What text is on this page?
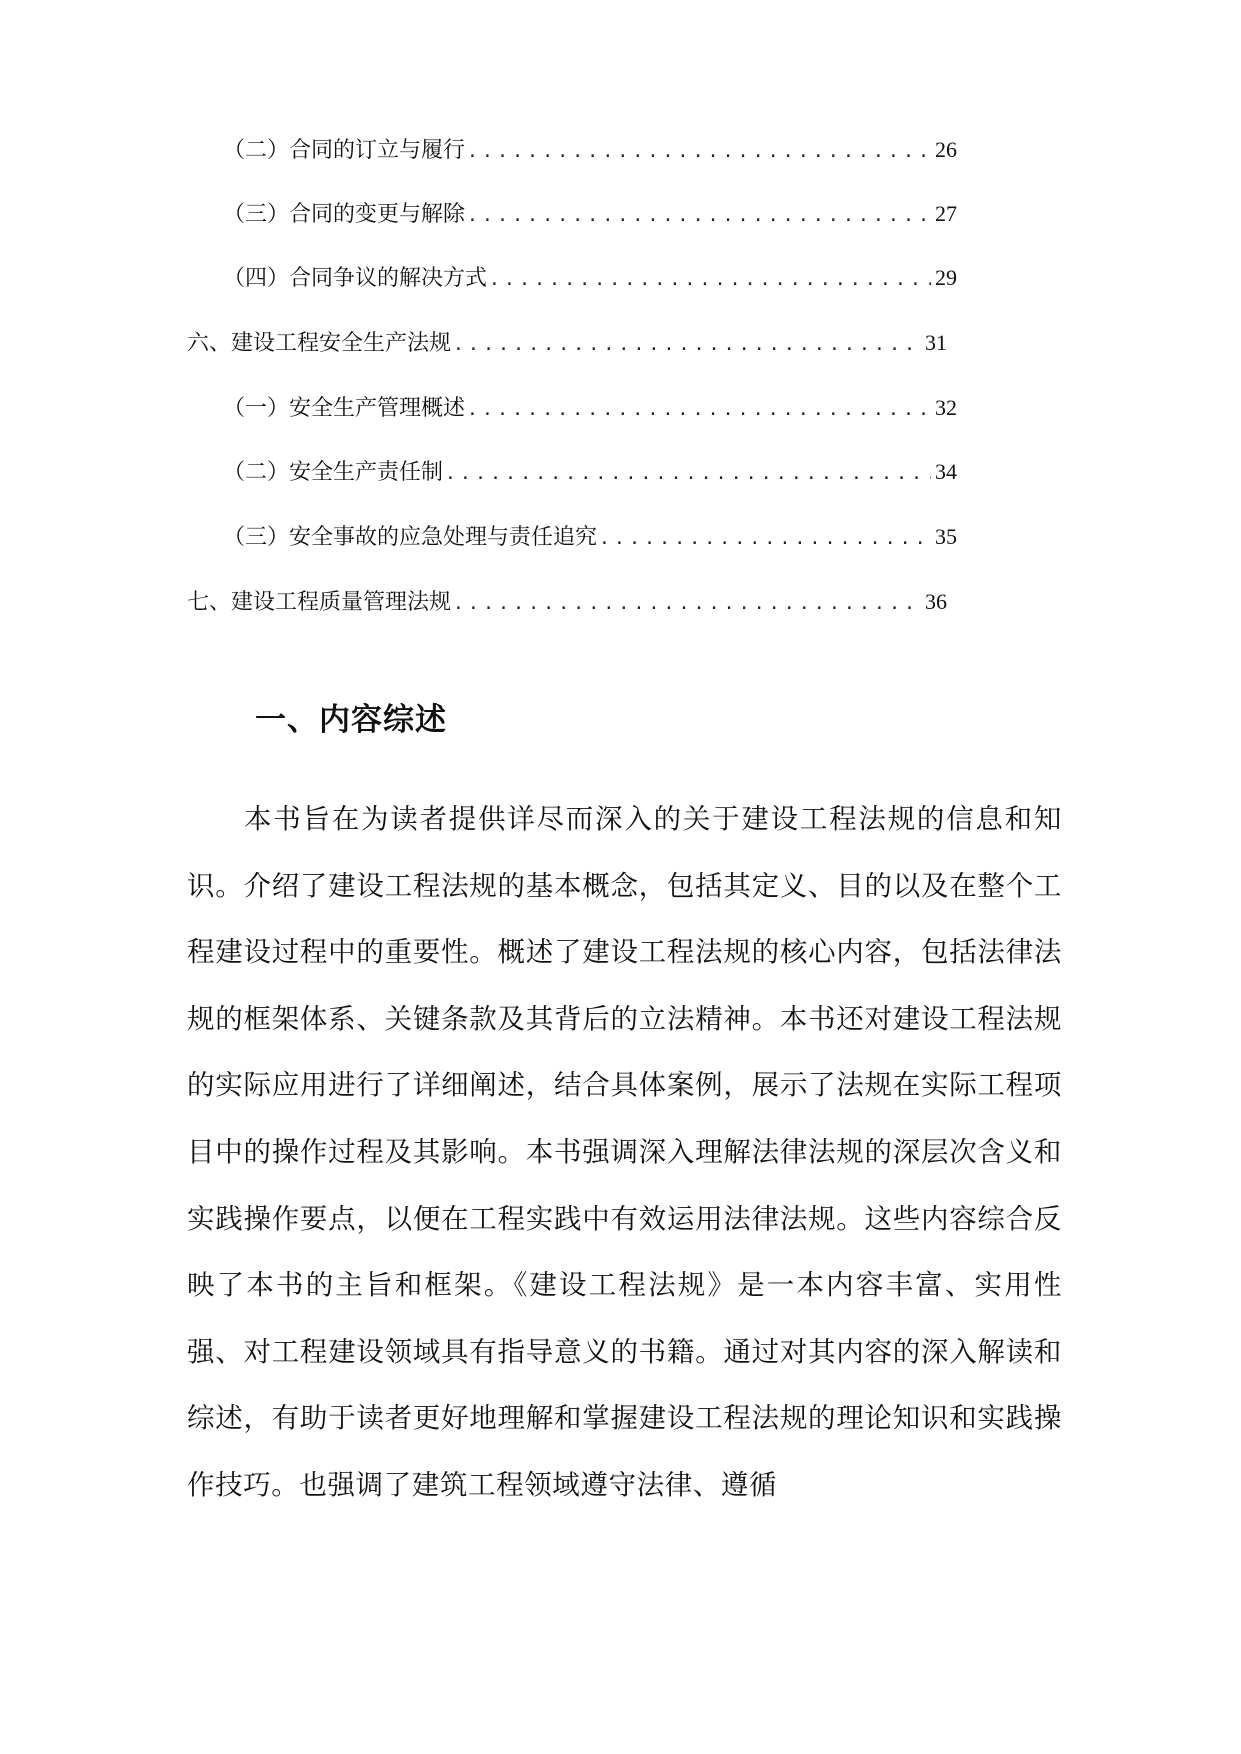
（二）合同的订立与履行 .....	26
（三）合同的变更与解除 .....	27
（四）合同争议的解决方式 .....	29
六、建设工程安全生产法规 .....	31
（一）安全生产管理概述 .....	32
（二）安全生产责任制 .....	34
（三）安全事故的应急处理与责任追究 .....	35
七、建设工程质量管理法规 .....	36
一、内容综述

本书旨在为读者提供详尽而深入的关于建设工程法规的信息和知识。介绍了建设工程法规的基本概念，包括其定义、目的以及在整个工程建设过程中的重要性。概述了建设工程法规的核心内容，包括法律法规的框架体系、关键条款及其背后的立法精神。本书还对建设工程法规的实际应用进行了详细阐述，结合具体案例，展示了法规在实际工程项目中的操作过程及其影响。本书强调深入理解法律法规的深层次含义和实践操作要点，以便在工程实践中有效运用法律法规。这些内容综合反映了本书的主旨和框架。《建设工程法规》是一本内容丰富、实用性强、对工程建设领域具有指导意义的书籍。通过对其内容的深入解读和综述，有助于读者更好地理解和掌握建设工程法规的理论知识和实践操作技巧。也强调了建筑工程领域遵守法律、遵循
